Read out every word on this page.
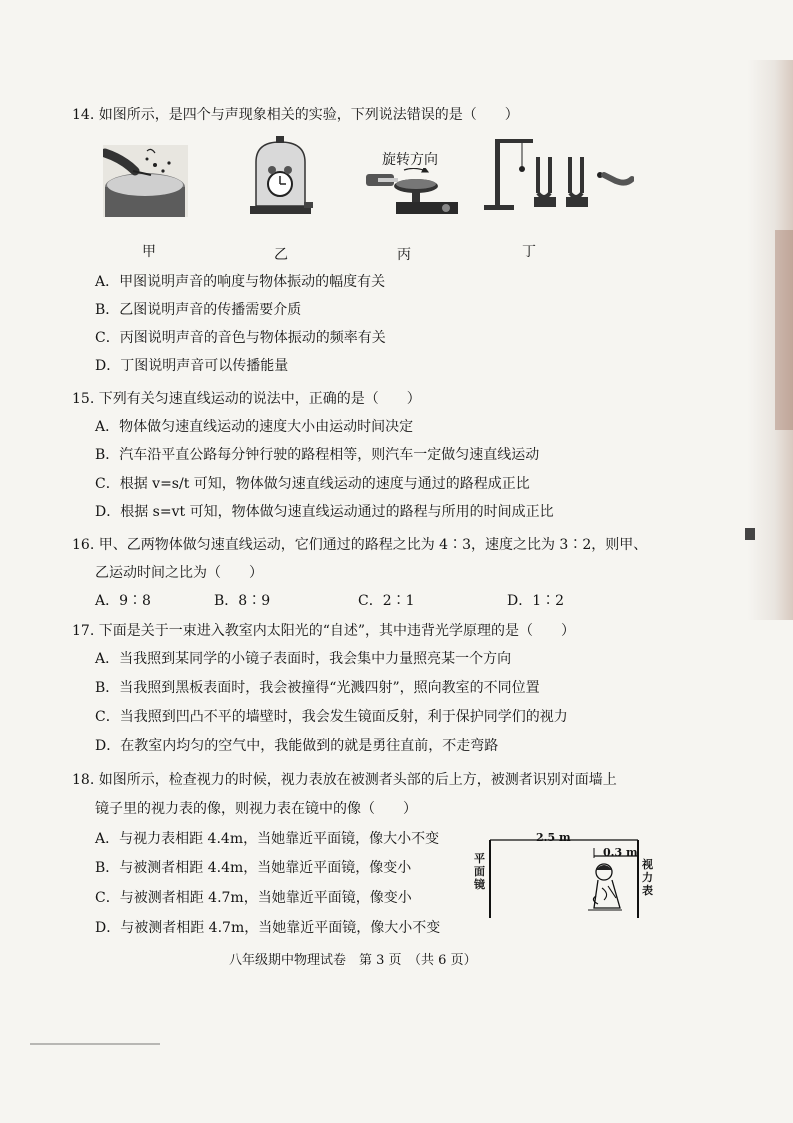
14. 如图所示，是四个与声现象相关的实验，下列说法错误的是（　　）
旋转方向
甲	乙	丙	丁
A．甲图说明声音的响度与物体振动的幅度有关
B．乙图说明声音的传播需要介质
C．丙图说明声音的音色与物体振动的频率有关
D．丁图说明声音可以传播能量
15. 下列有关匀速直线运动的说法中，正确的是（　　）
A．物体做匀速直线运动的速度大小由运动时间决定
B．汽车沿平直公路每分钟行驶的路程相等，则汽车一定做匀速直线运动
C．根据 v=s/t 可知，物体做匀速直线运动的速度与通过的路程成正比
D．根据 s=vt 可知，物体做匀速直线运动通过的路程与所用的时间成正比
16. 甲、乙两物体做匀速直线运动，它们通过的路程之比为 4∶3，速度之比为 3∶2，则甲、
乙运动时间之比为（　　）
A．9∶8	B．8∶9	C．2∶1	D．1∶2
17. 下面是关于一束进入教室内太阳光的“自述”，其中违背光学原理的是（　　）
A．当我照到某同学的小镜子表面时，我会集中力量照亮某一个方向
B．当我照到黑板表面时，我会被撞得“光溅四射”，照向教室的不同位置
C．当我照到凹凸不平的墙壁时，我会发生镜面反射，利于保护同学们的视力
D．在教室内均匀的空气中，我能做到的就是勇往直前，不走弯路
18. 如图所示，检查视力的时候，视力表放在被测者头部的后上方，被测者识别对面墙上
镜子里的视力表的像，则视力表在镜中的像（　　）
A．与视力表相距 4.4m，当她靠近平面镜，像大小不变
B．与被测者相距 4.4m，当她靠近平面镜，像变小
C．与被测者相距 4.7m，当她靠近平面镜，像变小
D．与被测者相距 4.7m，当她靠近平面镜，像大小不变
2.5 m
0.3 m
平面镜
视力表
八年级期中物理试卷　第 3 页　（共 6 页）
